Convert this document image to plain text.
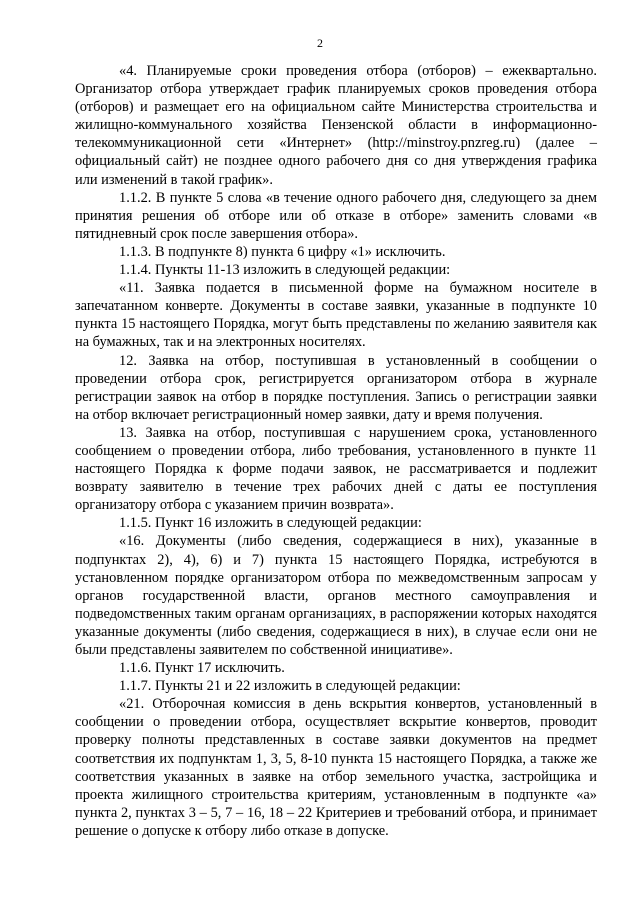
2

«4. Планируемые сроки проведения отбора (отборов) – ежеквартально. Организатор отбора утверждает график планируемых сроков проведения отбора (отборов) и размещает его на официальном сайте Министерства строительства и жилищно-коммунального хозяйства Пензенской области в информационно-телекоммуникационной сети «Интернет» (http://minstroy.pnzreg.ru) (далее – официальный сайт) не позднее одного рабочего дня со дня утверждения графика или изменений в такой график».

1.1.2. В пункте 5 слова «в течение одного рабочего дня, следующего за днем принятия решения об отборе или об отказе в отборе» заменить словами «в пятидневный срок после завершения отбора».

1.1.3. В подпункте 8) пункта 6 цифру «1» исключить.

1.1.4. Пункты 11-13 изложить в следующей редакции:

«11. Заявка подается в письменной форме на бумажном носителе в запечатанном конверте. Документы в составе заявки, указанные в подпункте 10 пункта 15 настоящего Порядка, могут быть представлены по желанию заявителя как на бумажных, так и на электронных носителях.

12. Заявка на отбор, поступившая в установленный в сообщении о проведении отбора срок, регистрируется организатором отбора в журнале регистрации заявок на отбор в порядке поступления. Запись о регистрации заявки на отбор включает регистрационный номер заявки, дату и время получения.

13. Заявка на отбор, поступившая с нарушением срока, установленного сообщением о проведении отбора, либо требования, установленного в пункте 11 настоящего Порядка к форме подачи заявок, не рассматривается и подлежит возврату заявителю в течение трех рабочих дней с даты ее поступления организатору отбора с указанием причин возврата».

1.1.5. Пункт 16 изложить в следующей редакции:

«16. Документы (либо сведения, содержащиеся в них), указанные в подпунктах 2), 4), 6) и 7) пункта 15 настоящего Порядка, истребуются в установленном порядке организатором отбора по межведомственным запросам у органов государственной власти, органов местного самоуправления и подведомственных таким органам организациях, в распоряжении которых находятся указанные документы (либо сведения, содержащиеся в них), в случае если они не были представлены заявителем по собственной инициативе».

1.1.6. Пункт 17 исключить.

1.1.7. Пункты 21 и 22 изложить в следующей редакции:

«21. Отборочная комиссия в день вскрытия конвертов, установленный в сообщении о проведении отбора, осуществляет вскрытие конвертов, проводит проверку полноты представленных в составе заявки документов на предмет соответствия их подпунктам 1, 3, 5, 8-10 пункта 15 настоящего Порядка, а также же соответствия указанных в заявке на отбор земельного участка, застройщика и проекта жилищного строительства критериям, установленным в подпункте «а» пункта 2, пунктах 3 – 5, 7 – 16, 18 – 22 Критериев и требований отбора, и принимает решение о допуске к отбору либо отказе в допуске.
